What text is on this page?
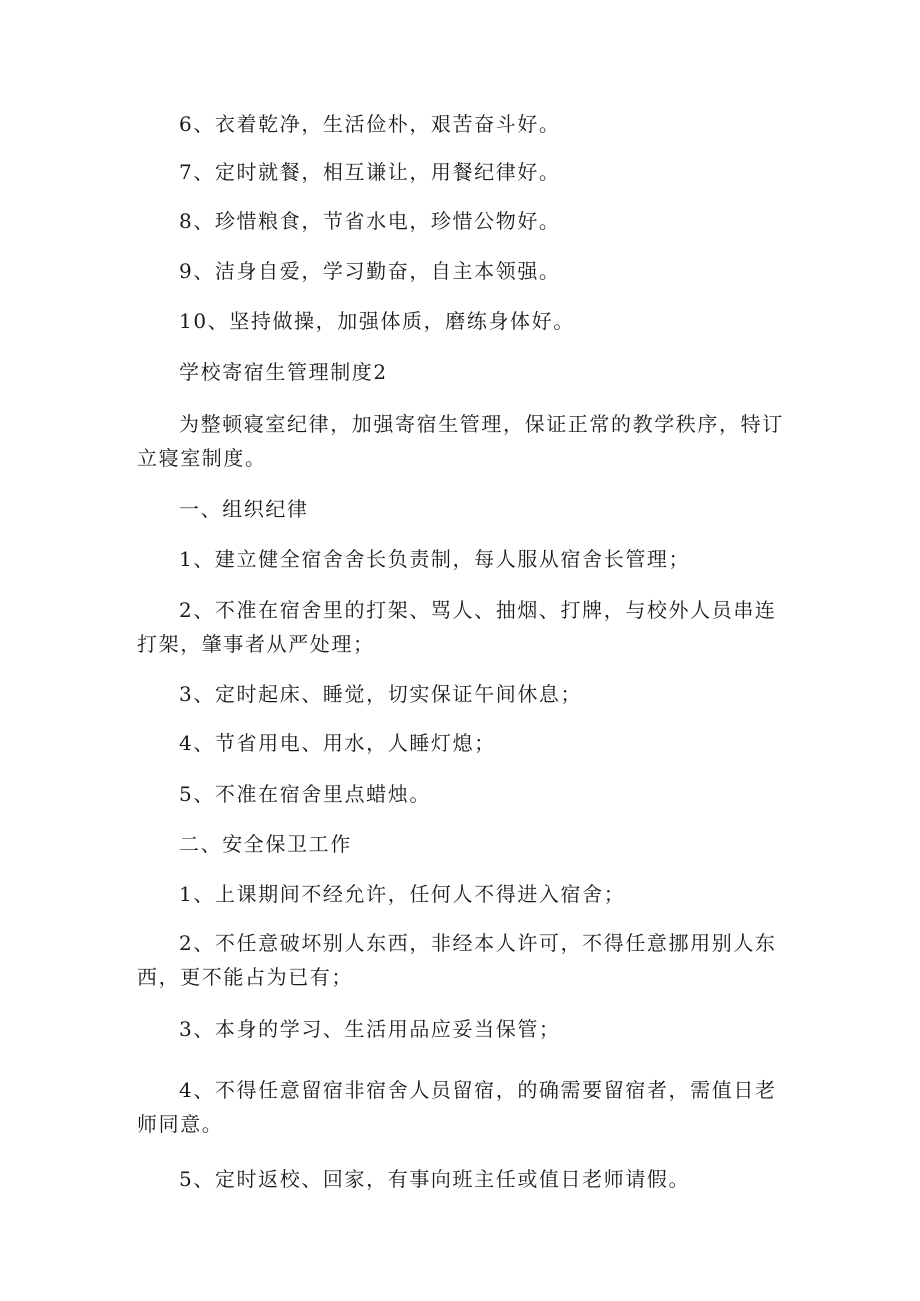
6、衣着乾净，生活俭朴，艰苦奋斗好。

7、定时就餐，相互谦让，用餐纪律好。

8、珍惜粮食，节省水电，珍惜公物好。

9、洁身自爱，学习勤奋，自主本领强。

10、坚持做操，加强体质，磨练身体好。

学校寄宿生管理制度2

为整顿寝室纪律，加强寄宿生管理，保证正常的教学秩序，特订立寝室制度。

一、组织纪律

1、建立健全宿舍舍长负责制，每人服从宿舍长管理；

2、不准在宿舍里的打架、骂人、抽烟、打牌，与校外人员串连打架，肇事者从严处理；

3、定时起床、睡觉，切实保证午间休息；

4、节省用电、用水，人睡灯熄；

5、不准在宿舍里点蜡烛。

二、安全保卫工作

1、上课期间不经允许，任何人不得进入宿舍；

2、不任意破坏别人东西，非经本人许可，不得任意挪用别人东西，更不能占为已有；

3、本身的学习、生活用品应妥当保管；

4、不得任意留宿非宿舍人员留宿，的确需要留宿者，需值日老师同意。

5、定时返校、回家，有事向班主任或值日老师请假。
